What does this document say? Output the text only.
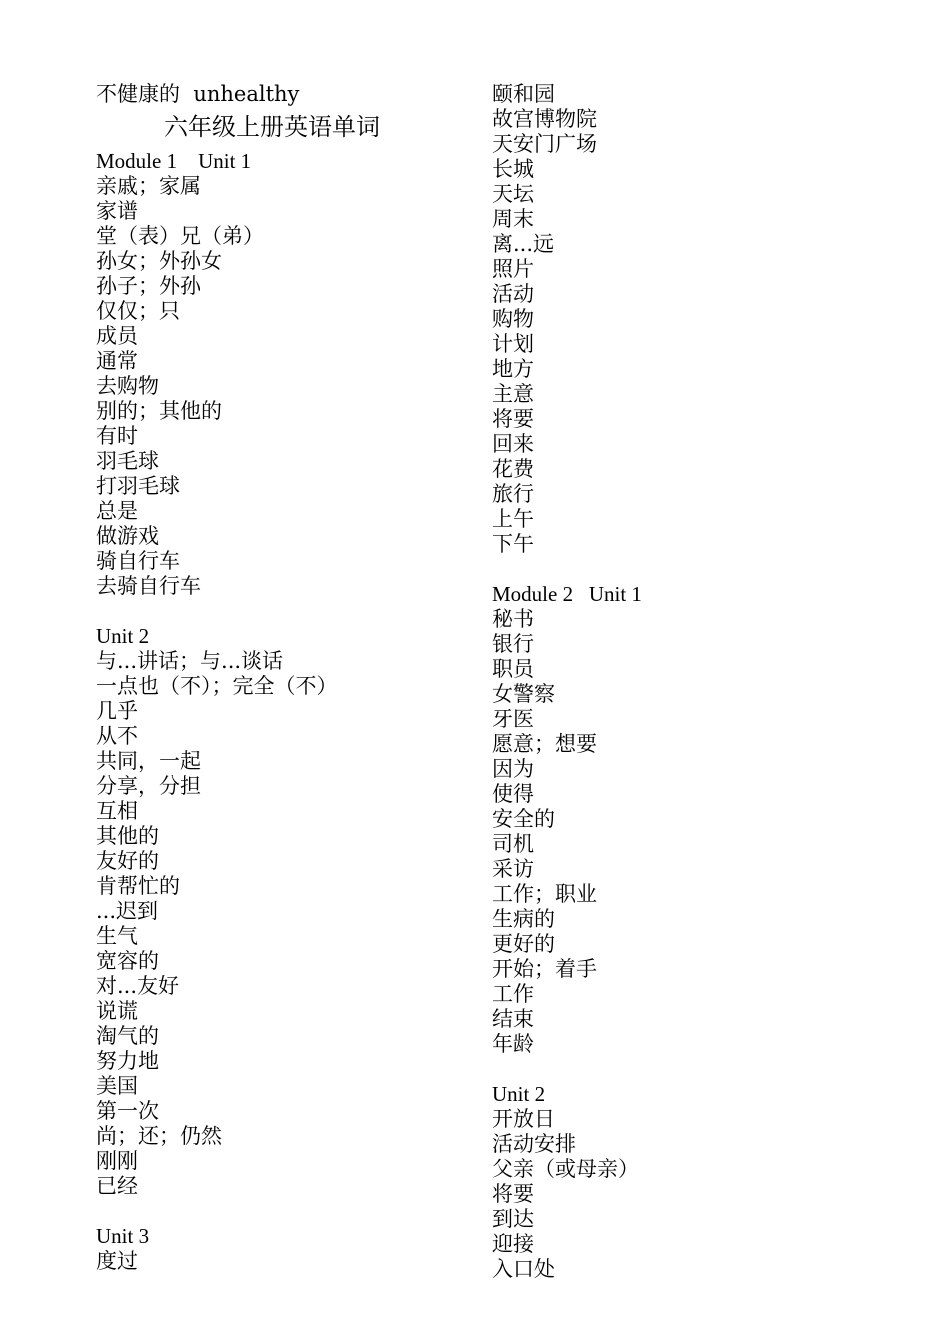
不健康的  unhealthy
六年级上册英语单词
Module 1    Unit 1
亲戚；家属
家谱
堂（表）兄（弟）
孙女；外孙女
孙子；外孙
仅仅；只
成员
通常
去购物
别的；其他的
有时
羽毛球
打羽毛球
总是
做游戏
骑自行车
去骑自行车
Unit 2
与...讲话；与...谈话
一点也（不）；完全（不）
几乎
从不
共同，一起
分享，分担
互相
其他的
友好的
肯帮忙的
...迟到
生气
宽容的
对...友好
说谎
淘气的
努力地
美国
第一次
尚；还；仍然
刚刚
已经
Unit 3
度过
颐和园
故宫博物院
天安门广场
长城
天坛
周末
离...远
照片
活动
购物
计划
地方
主意
将要
回来
花费
旅行
上午
下午
Module 2   Unit 1
秘书
银行
职员
女警察
牙医
愿意；想要
因为
使得
安全的
司机
采访
工作；职业
生病的
更好的
开始；着手
工作
结束
年龄
Unit 2
开放日
活动安排
父亲（或母亲）
将要
到达
迎接
入口处
